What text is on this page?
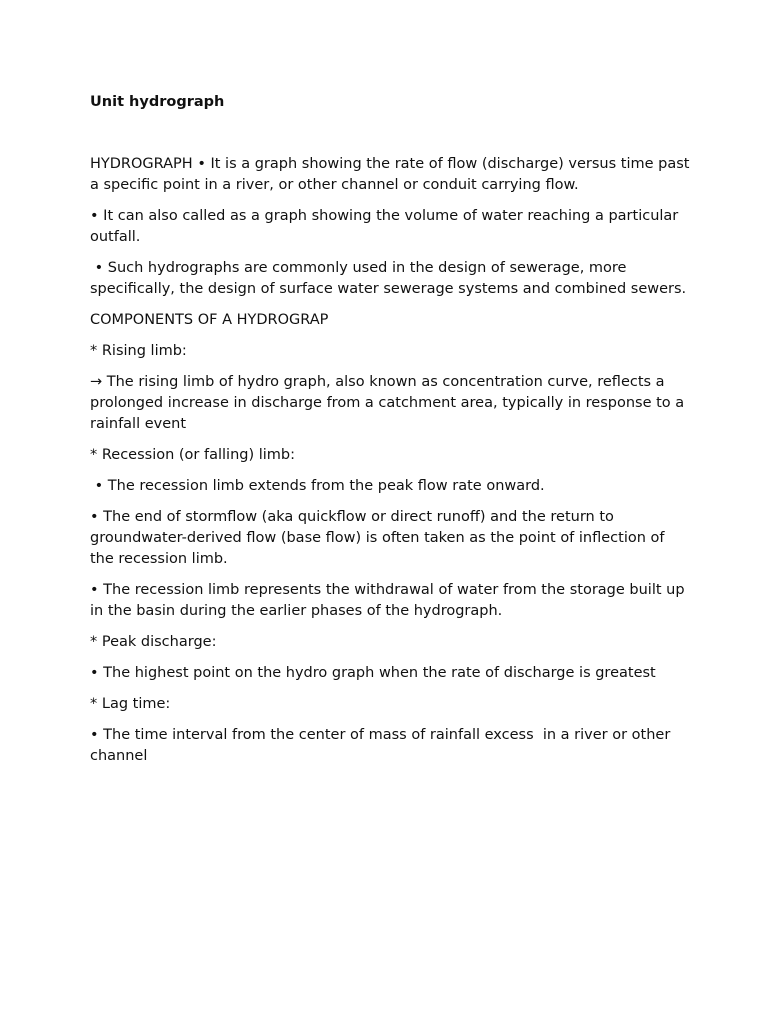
Unit hydrograph

HYDROGRAPH • It is a graph showing the rate of flow (discharge) versus time past a specific point in a river, or other channel or conduit carrying flow.

• It can also called as a graph showing the volume of water reaching a particular outfall.

• Such hydrographs are commonly used in the design of sewerage, more specifically, the design of surface water sewerage systems and combined sewers.

COMPONENTS OF A HYDROGRAP

* Rising limb:

→ The rising limb of hydro graph, also known as concentration curve, reflects a prolonged increase in discharge from a catchment area, typically in response to a rainfall event

* Recession (or falling) limb:

• The recession limb extends from the peak flow rate onward.

• The end of stormflow (aka quickflow or direct runoff) and the return to groundwater-derived flow (base flow) is often taken as the point of inflection of the recession limb.

• The recession limb represents the withdrawal of water from the storage built up in the basin during the earlier phases of the hydrograph.

* Peak discharge:

• The highest point on the hydro graph when the rate of discharge is greatest

* Lag time:

• The time interval from the center of mass of rainfall excess  in a river or other channel
